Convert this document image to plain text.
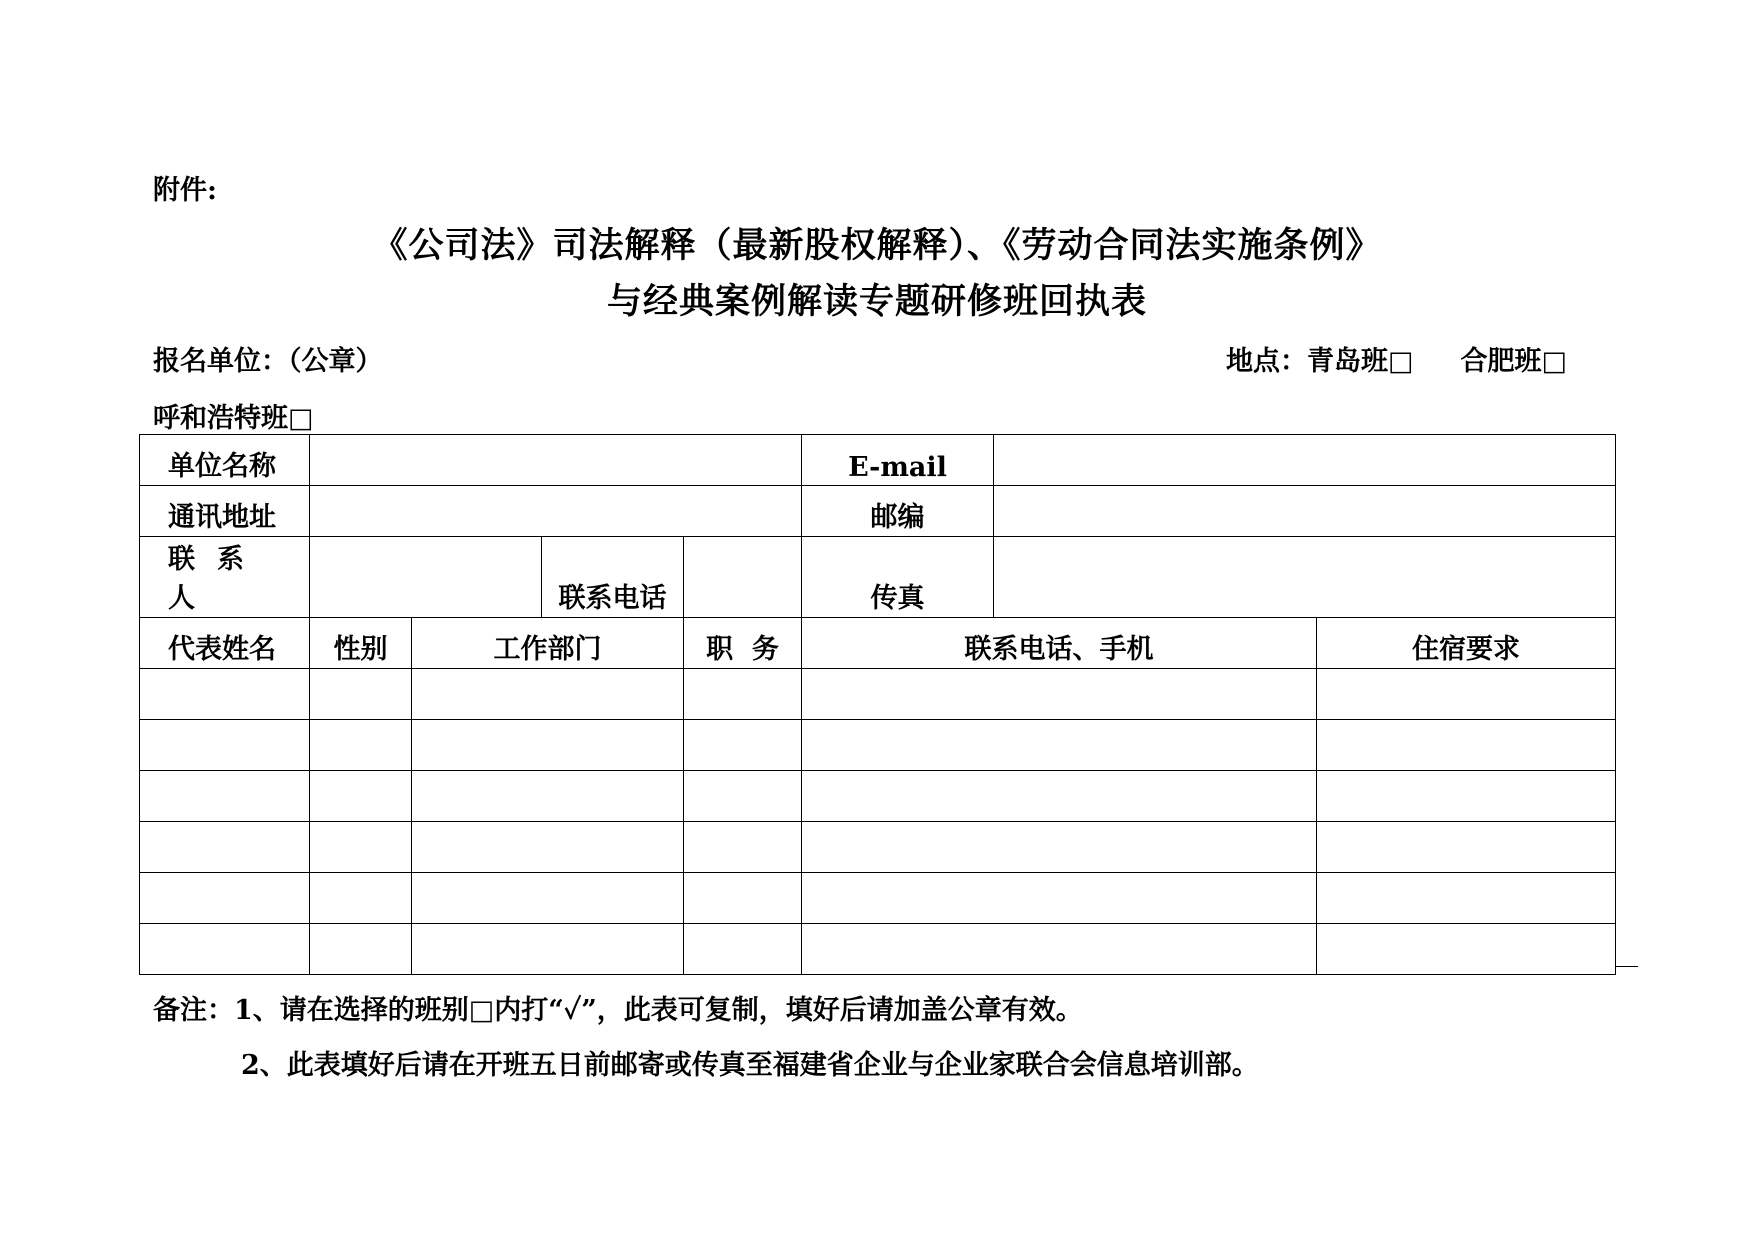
附件:
《公司法》司法解释（最新股权解释）、《劳动合同法实施条例》
与经典案例解读专题研修班回执表
报名单位：（公章）	地点：青岛班□     合肥班□
呼和浩特班□
单位名称					E-mail		
通讯地址					邮编		
联系人			联系电话		传真		
代表姓名	性别	工作部门		职  务	联系电话、手机		住宿要求

备注：1、请在选择的班别□内打“✓”，此表可复制，填好后请加盖公章有效。
2、此表填好后请在开班五日前邮寄或传真至福建省企业与企业家联合会信息培训部。
